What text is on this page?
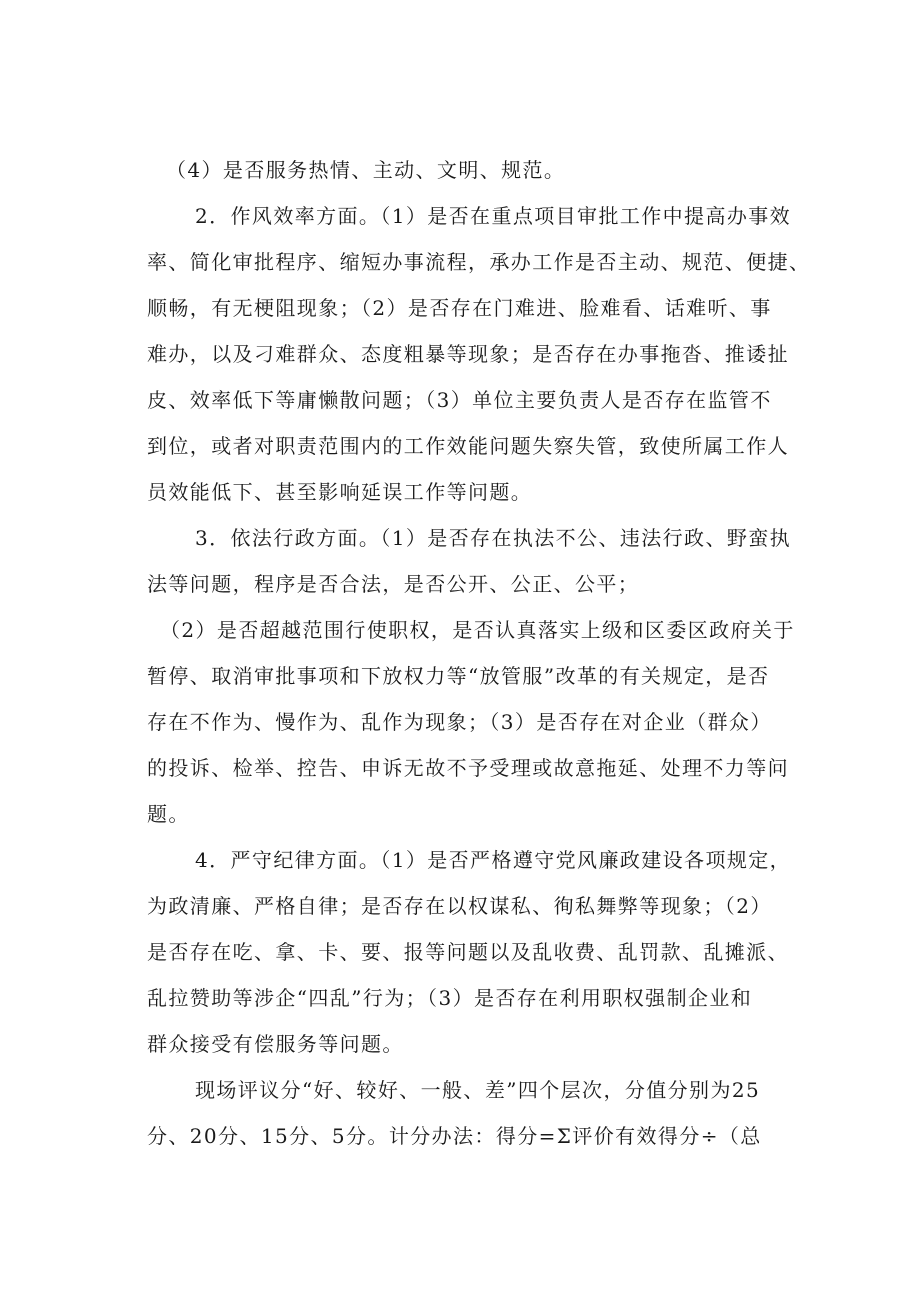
（4）是否服务热情、主动、文明、规范。
2．作风效率方面。（1）是否在重点项目审批工作中提高办事效
率、简化审批程序、缩短办事流程，承办工作是否主动、规范、便捷、
顺畅，有无梗阻现象；（2）是否存在门难进、脸难看、话难听、事
难办，以及刁难群众、态度粗暴等现象；是否存在办事拖沓、推诿扯
皮、效率低下等庸懒散问题；（3）单位主要负责人是否存在监管不
到位，或者对职责范围内的工作效能问题失察失管，致使所属工作人
员效能低下、甚至影响延误工作等问题。
3．依法行政方面。（1）是否存在执法不公、违法行政、野蛮执
法等问题，程序是否合法，是否公开、公正、公平；
（2）是否超越范围行使职权，是否认真落实上级和区委区政府关于
暂停、取消审批事项和下放权力等“放管服”改革的有关规定，是否
存在不作为、慢作为、乱作为现象；（3）是否存在对企业（群众）
的投诉、检举、控告、申诉无故不予受理或故意拖延、处理不力等问
题。
4．严守纪律方面。（1）是否严格遵守党风廉政建设各项规定，
为政清廉、严格自律；是否存在以权谋私、徇私舞弊等现象；（2）
是否存在吃、拿、卡、要、报等问题以及乱收费、乱罚款、乱摊派、
乱拉赞助等涉企“四乱”行为；（3）是否存在利用职权强制企业和
群众接受有偿服务等问题。
现场评议分“好、较好、一般、差”四个层次，分值分别为25
分、20分、15分、5分。计分办法：得分=Σ评价有效得分÷（总
